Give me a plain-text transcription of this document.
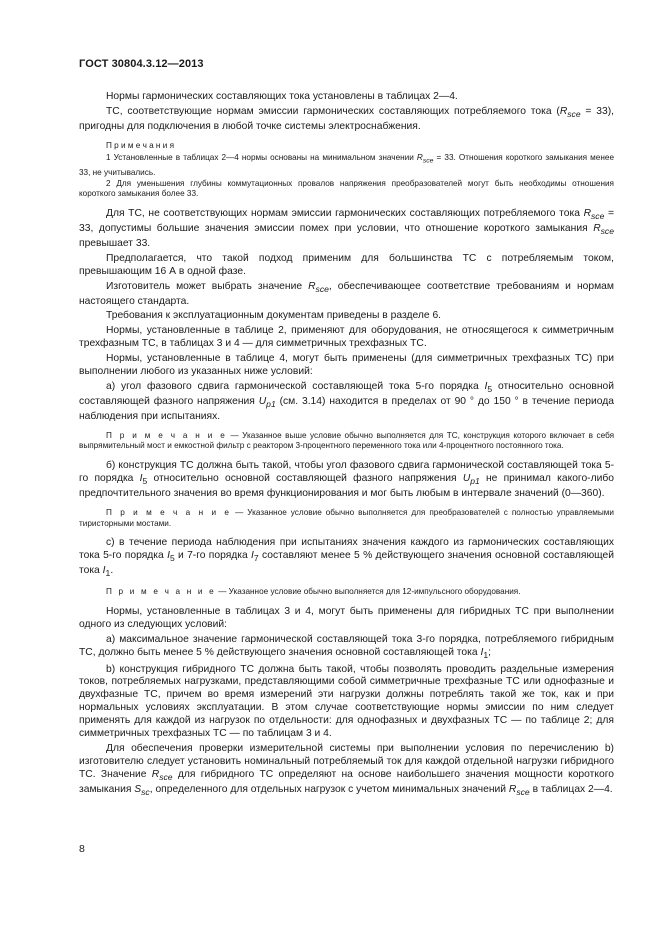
ГОСТ 30804.3.12—2013

Нормы гармонических составляющих тока установлены в таблицах 2—4.

ТС, соответствующие нормам эмиссии гармонических составляющих потребляемого тока $(R_{sce} = 33)$, пригодны для подключения в любой точке системы электроснабжения.

П р и м е ч а н и я

1 Установленные в таблицах 2—4 нормы основаны на минимальном значении $R_{sce} = 33$. Отношения короткого замыкания менее 33, не учитывались.

2 Для уменьшения глубины коммутационных провалов напряжения преобразователей могут быть необходимы отношения короткого замыкания более 33.

Для ТС, не соответствующих нормам эмиссии гармонических составляющих потребляемого тока $R_{sce} = 33$, допустимы большие значения эмиссии помех при условии, что отношение короткого замыкания $R_{sce}$ превышает 33.

Предполагается, что такой подход применим для большинства ТС с потребляемым током, превышающим 16 А в одной фазе.

Изготовитель может выбрать значение $R_{sce}$, обеспечивающее соответствие требованиям и нормам настоящего стандарта.

Требования к эксплуатационным документам приведены в разделе 6.

Нормы, установленные в таблице 2, применяют для оборудования, не относящегося к симметричным трехфазным ТС, в таблицах 3 и 4 — для симметричных трехфазных ТС.

Нормы, установленные в таблице 4, могут быть применены (для симметричных трехфазных ТС) при выполнении любого из указанных ниже условий:

а) угол фазового сдвига гармонической составляющей тока 5-го порядка $I_5$ относительно основной составляющей фазного напряжения $U_{p1}$ (см. 3.14) находится в пределах от 90 ° до 150 ° в течение периода наблюдения при испытаниях.

П р и м е ч а н и е — Указанное выше условие обычно выполняется для ТС, конструкция которого включает в себя выпрямительный мост и емкостной фильтр с реактором 3-процентного переменного тока или 4-процентного постоянного тока.

б) конструкция ТС должна быть такой, чтобы угол фазового сдвига гармонической составляющей тока 5-го порядка $I_5$ относительно основной составляющей фазного напряжения $U_{p1}$ не принимал какого-либо предпочтительного значения во время функционирования и мог быть любым в интервале значений (0—360).

П р и м е ч а н и е — Указанное условие обычно выполняется для преобразователей с полностью управляемыми тиристорными мостами.

с) в течение периода наблюдения при испытаниях значения каждого из гармонических составляющих тока 5-го порядка $I_5$ и 7-го порядка $I_7$ составляют менее 5 % действующего значения основной составляющей тока $I_1$.

П р и м е ч а н и е — Указанное условие обычно выполняется для 12-импульсного оборудования.

Нормы, установленные в таблицах 3 и 4, могут быть применены для гибридных ТС при выполнении одного из следующих условий:

а) максимальное значение гармонической составляющей тока 3-го порядка, потребляемого гибридным ТС, должно быть менее 5 % действующего значения основной составляющей тока $I_1$;

b) конструкция гибридного ТС должна быть такой, чтобы позволять проводить раздельные измерения токов, потребляемых нагрузками, представляющими собой симметричные трехфазные ТС или однофазные и двухфазные ТС, причем во время измерений эти нагрузки должны потреблять такой же ток, как и при нормальных условиях эксплуатации. В этом случае соответствующие нормы эмиссии по ним следует применять для каждой из нагрузок по отдельности: для однофазных и двухфазных ТС — по таблице 2; для симметричных трехфазных ТС — по таблицам 3 и 4.

Для обеспечения проверки измерительной системы при выполнении условия по перечислению b) изготовителю следует установить номинальный потребляемый ток для каждой отдельной нагрузки гибридного ТС. Значение $R_{sce}$ для гибридного ТС определяют на основе наибольшего значения мощности короткого замыкания $S_{sc}$, определенного для отдельных нагрузок с учетом минимальных значений $R_{sce}$ в таблицах 2—4.

8
